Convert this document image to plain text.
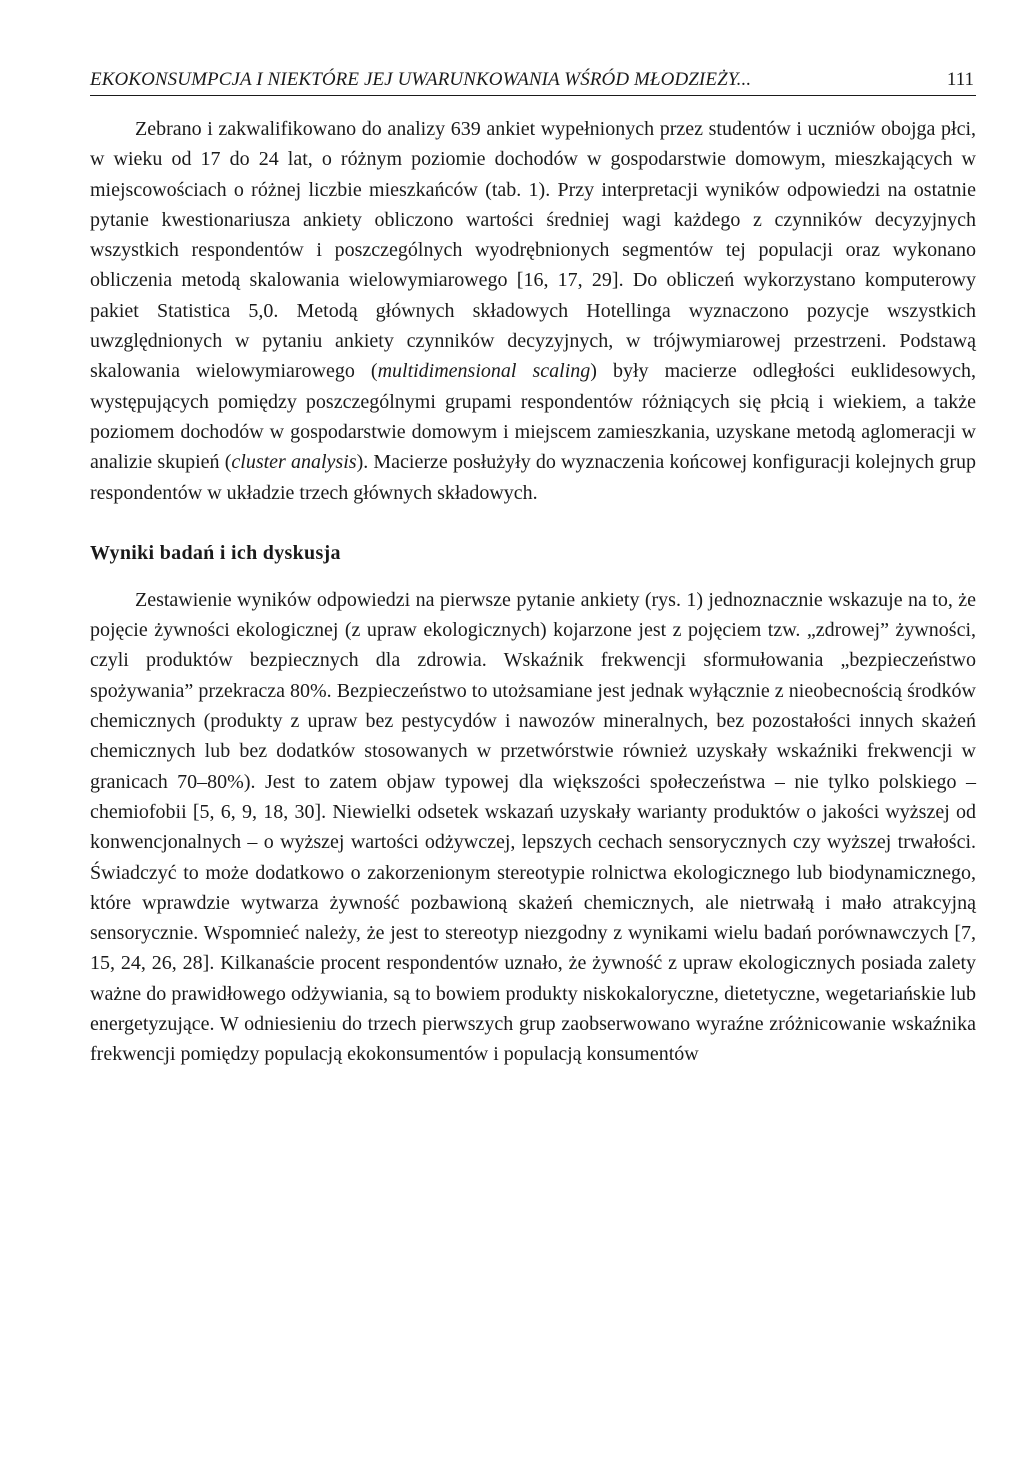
EKOKONSUMPCJA I NIEKTÓRE JEJ UWARUNKOWANIA WŚRÓD MŁODZIEŻY...	111

Zebrano i zakwalifikowano do analizy 639 ankiet wypełnionych przez studentów i uczniów obojga płci, w wieku od 17 do 24 lat, o różnym poziomie dochodów w gospodarstwie domowym, mieszkających w miejscowościach o różnej liczbie mieszkańców (tab. 1). Przy interpretacji wyników odpowiedzi na ostatnie pytanie kwestionariusza ankiety obliczono wartości średniej wagi każdego z czynników decyzyjnych wszystkich respondentów i poszczególnych wyodrębnionych segmentów tej populacji oraz wykonano obliczenia metodą skalowania wielowymiarowego [16, 17, 29]. Do obliczeń wykorzystano komputerowy pakiet Statistica 5,0. Metodą głównych składowych Hotellinga wyznaczono pozycje wszystkich uwzględnionych w pytaniu ankiety czynników decyzyjnych, w trójwymiarowej przestrzeni. Podstawą skalowania wielowymiarowego (multidimensional scaling) były macierze odległości euklidesowych, występujących pomiędzy poszczególnymi grupami respondentów różniących się płcią i wiekiem, a także poziomem dochodów w gospodarstwie domowym i miejscem zamieszkania, uzyskane metodą aglomeracji w analizie skupień (cluster analysis). Macierze posłużyły do wyznaczenia końcowej konfiguracji kolejnych grup respondentów w układzie trzech głównych składowych.

Wyniki badań i ich dyskusja

Zestawienie wyników odpowiedzi na pierwsze pytanie ankiety (rys. 1) jednoznacznie wskazuje na to, że pojęcie żywności ekologicznej (z upraw ekologicznych) kojarzone jest z pojęciem tzw. „zdrowej” żywności, czyli produktów bezpiecznych dla zdrowia. Wskaźnik frekwencji sformułowania „bezpieczeństwo spożywania” przekracza 80%. Bezpieczeństwo to utożsamiane jest jednak wyłącznie z nieobecnością środków chemicznych (produkty z upraw bez pestycydów i nawozów mineralnych, bez pozostałości innych skażeń chemicznych lub bez dodatków stosowanych w przetwórstwie również uzyskały wskaźniki frekwencji w granicach 70–80%). Jest to zatem objaw typowej dla większości społeczeństwa – nie tylko polskiego – chemiofobii [5, 6, 9, 18, 30]. Niewielki odsetek wskazań uzyskały warianty produktów o jakości wyższej od konwencjonalnych – o wyższej wartości odżywczej, lepszych cechach sensorycznych czy wyższej trwałości. Świadczyć to może dodatkowo o zakorzenionym stereotypie rolnictwa ekologicznego lub biodynamicznego, które wprawdzie wytwarza żywność pozbawioną skażeń chemicznych, ale nietrwałą i mało atrakcyjną sensorycznie. Wspomnieć należy, że jest to stereotyp niezgodny z wynikami wielu badań porównawczych [7, 15, 24, 26, 28]. Kilkanaście procent respondentów uznało, że żywność z upraw ekologicznych posiada zalety ważne do prawidłowego odżywiania, są to bowiem produkty niskokaloryczne, dietetyczne, wegetariańskie lub energetyzujące. W odniesieniu do trzech pierwszych grup zaobserwowano wyraźne zróżnicowanie wskaźnika frekwencji pomiędzy populacją ekokonsumentów i populacją konsumentów
